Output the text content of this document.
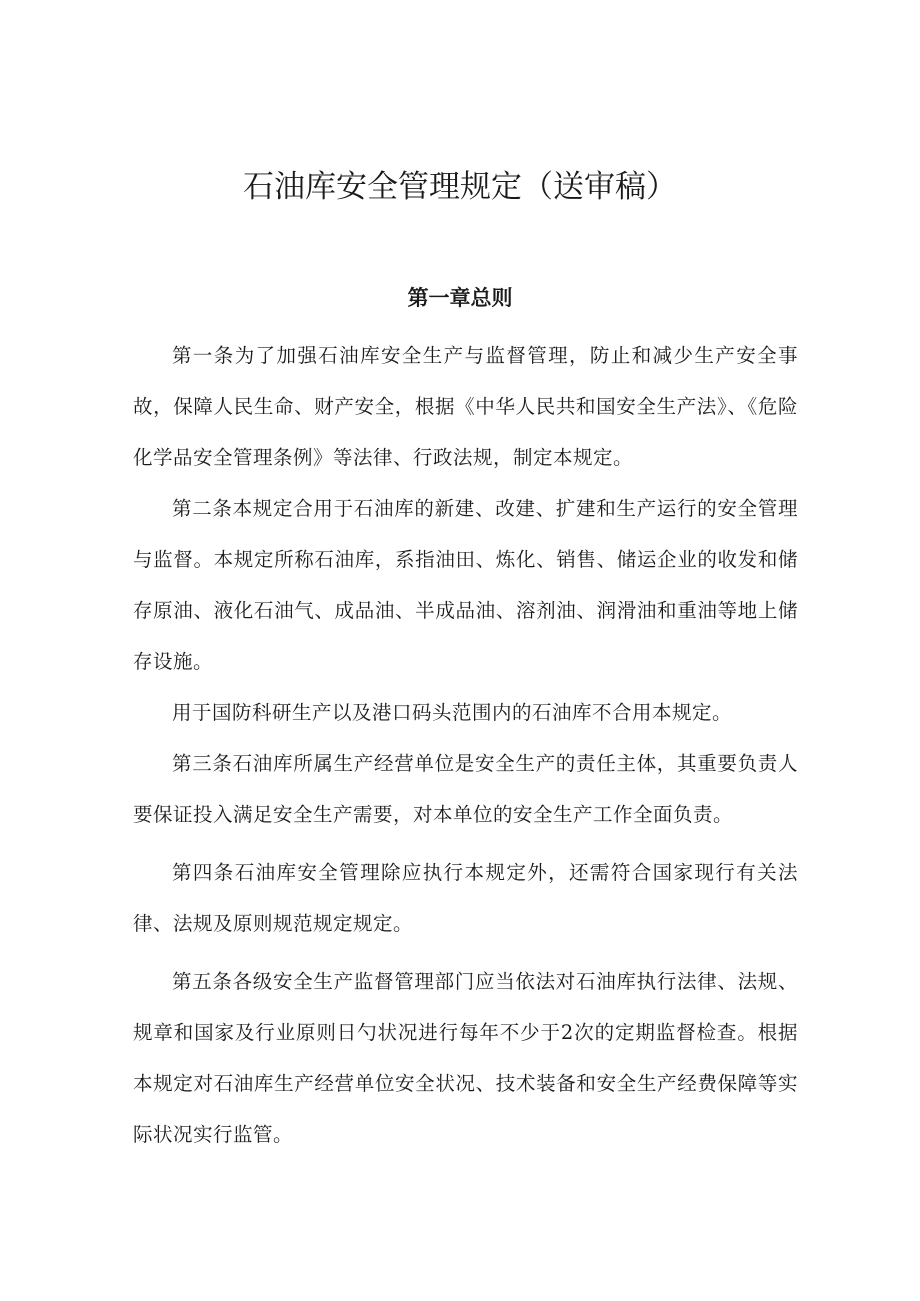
石油库安全管理规定（送审稿）
第一章总则

第一条为了加强石油库安全生产与监督管理，防止和减少生产安全事故，保障人民生命、财产安全，根据《中华人民共和国安全生产法》、《危险化学品安全管理条例》等法律、行政法规，制定本规定。

第二条本规定合用于石油库的新建、改建、扩建和生产运行的安全管理与监督。本规定所称石油库，系指油田、炼化、销售、储运企业的收发和储存原油、液化石油气、成品油、半成品油、溶剂油、润滑油和重油等地上储存设施。

用于国防科研生产以及港口码头范围内的石油库不合用本规定。

第三条石油库所属生产经营单位是安全生产的责任主体，其重要负责人要保证投入满足安全生产需要，对本单位的安全生产工作全面负责。

第四条石油库安全管理除应执行本规定外，还需符合国家现行有关法律、法规及原则规范规定规定。

第五条各级安全生产监督管理部门应当依法对石油库执行法律、法规、规章和国家及行业原则日勺状况进行每年不少于2次的定期监督检查。根据本规定对石油库生产经营单位安全状况、技术装备和安全生产经费保障等实际状况实行监管。
